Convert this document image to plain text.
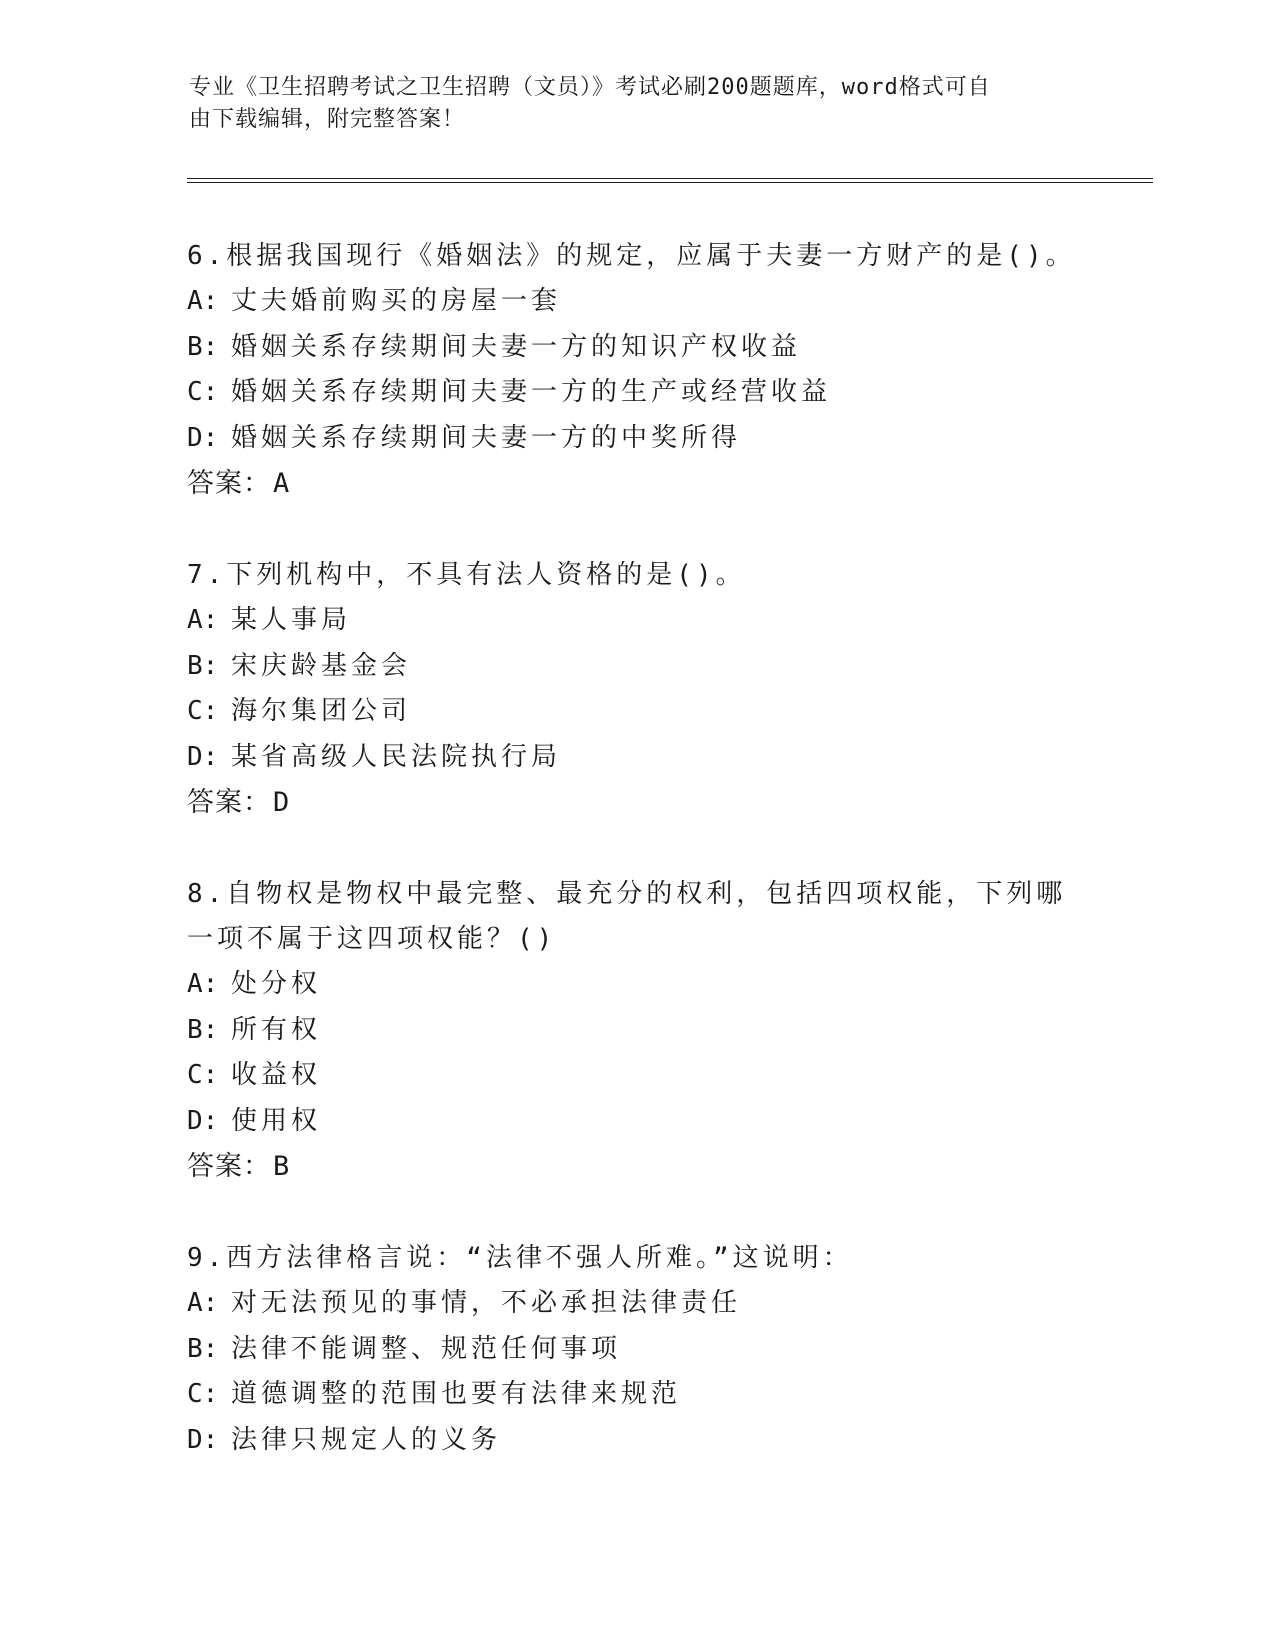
专业《卫生招聘考试之卫生招聘（文员）》考试必刷200题题库，word格式可自
由下载编辑，附完整答案！

6.根据我国现行《婚姻法》的规定，应属于夫妻一方财产的是()。

A: 丈夫婚前购买的房屋一套

B: 婚姻关系存续期间夫妻一方的知识产权收益

C: 婚姻关系存续期间夫妻一方的生产或经营收益

D: 婚姻关系存续期间夫妻一方的中奖所得

答案：A

7.下列机构中，不具有法人资格的是()。

A: 某人事局

B: 宋庆龄基金会

C: 海尔集团公司

D: 某省高级人民法院执行局

答案：D

8.自物权是物权中最完整、最充分的权利，包括四项权能，下列哪一项不属于这四项权能？()

A: 处分权

B: 所有权

C: 收益权

D: 使用权

答案：B

9.西方法律格言说：“法律不强人所难。”这说明：

A: 对无法预见的事情，不必承担法律责任

B: 法律不能调整、规范任何事项

C: 道德调整的范围也要有法律来规范

D: 法律只规定人的义务
